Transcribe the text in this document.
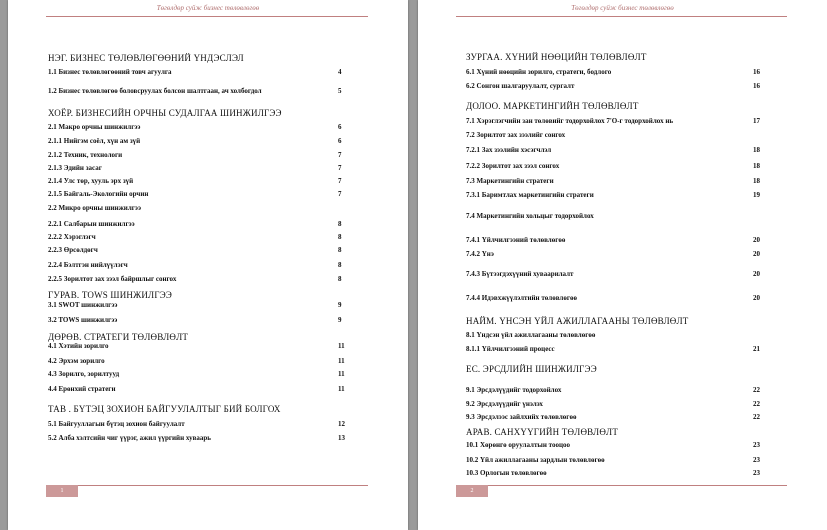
Төгөлдөр суйж бизнес төлөвлөгөө
НЭГ. БИЗНЕС ТӨЛӨВЛӨГӨӨНИЙ ҮНДЭСЛЭЛ
1.1 Бизнес төлөвлөгөөний товч агуулга	4
1.2 Бизнес төлөвлөгөө боловсруулах болсон шалтгаан, ач холбогдол	5
ХОЁР. БИЗНЕСИЙН ОРЧНЫ СУДАЛГАА ШИНЖИЛГЭЭ
2.1 Макро орчны шинжилгээ	6
2.1.1 Нийгэм соёл, хүн ам зүй	6
2.1.2 Техник, технологи	7
2.1.3 Эдийн засаг	7
2.1.4 Улс төр, хууль эрх зүй	7
2.1.5 Байгаль-Экологийн орчин	7
2.2 Микро орчны шинжилгээ
2.2.1 Салбарын шинжилгээ	8
2.2.2 Хэрэглэгч	8
2.2.3 Өрсөлдөгч	8
2.2.4 Бэлтгэн нийлүүлэгч	8
2.2.5 Зорилтот зах зээл байршлыг сонгох	8
ГУРАВ. TOWS ШИНЖИЛГЭЭ
3.1 SWOT шинжилгээ	9
3.2 TOWS шинжилгээ	9
ДӨРӨВ. СТРАТЕГИ ТӨЛӨВЛӨЛТ
4.1 Хэтийн зорилго	11
4.2 Эрхэм зорилго	11
4.3 Зорилго, зорилтууд	11
4.4 Ерөнхий стратеги	11
ТАВ . БҮТЭЦ ЗОХИОН БАЙГУУЛАЛТЫГ БИЙ БОЛГОХ
5.1 Байгууллагын бүтэц зохион байгуулалт	12
5.2 Алба хэлтсийн чиг үүрэг, ажил үүргийн хуваарь	13
1
Төгөлдөр суйж бизнес төлөвлөгөө
ЗУРГАА. ХҮНИЙ НӨӨЦИЙН ТӨЛӨВЛӨЛТ
6.1 Хүний нөөцийн зорилго, стратеги, бодлого	16
6.2 Сонгон шалгаруулалт, сургалт	16
ДОЛОО. МАРКЕТИНГИЙН ТӨЛӨВЛӨЛТ
7.1 Хэрэглэгчийн зан төлөвийг тодорхойлох 7'O-г тодорхойлох нь	17
7.2 Зорилтот зах зээлийг сонгох
7.2.1 Зах зээлийн хэсэгчлэл	18
7.2.2 Зорилтот зах зээл сонгох	18
7.3 Маркетингийн стратеги	18
7.3.1 Баримтлах маркетингийн стратеги	19
7.4 Маркетингийн хольцыг тодорхойлох
7.4.1 Үйлчилгээний төлөвлөгөө	20
7.4.2 Үнэ	20
7.4.3 Бүтээгдэхүүний хуваарилалт	20
7.4.4 Идэвхжүүлэлтийн төлөвлөгөө	20
НАЙМ. ҮНСЭН ҮЙЛ АЖИЛЛАГААНЫ ТӨЛӨВЛӨЛТ
8.1 Үндсэн үйл ажиллагааны төлөвлөгөө
8.1.1 Үйлчилгээний процесс	21
ЕС. ЭРСДЛИЙН ШИНЖИЛГЭЭ
9.1 Эрсдэлүүдийг тодорхойлох	22
9.2 Эрсдэлүүдийг үнэлэх	22
9.3 Эрсдэлээс зайлхийх төлөвлөгөө	22
АРАВ. САНХҮҮГИЙН ТӨЛӨВЛӨЛТ
10.1 Хөрөнгө оруулалтын тооцоо	23
10.2 Үйл ажиллагааны зардлын төлөвлөгөө	23
10.3 Орлогын төлөвлөгөө	23
2
